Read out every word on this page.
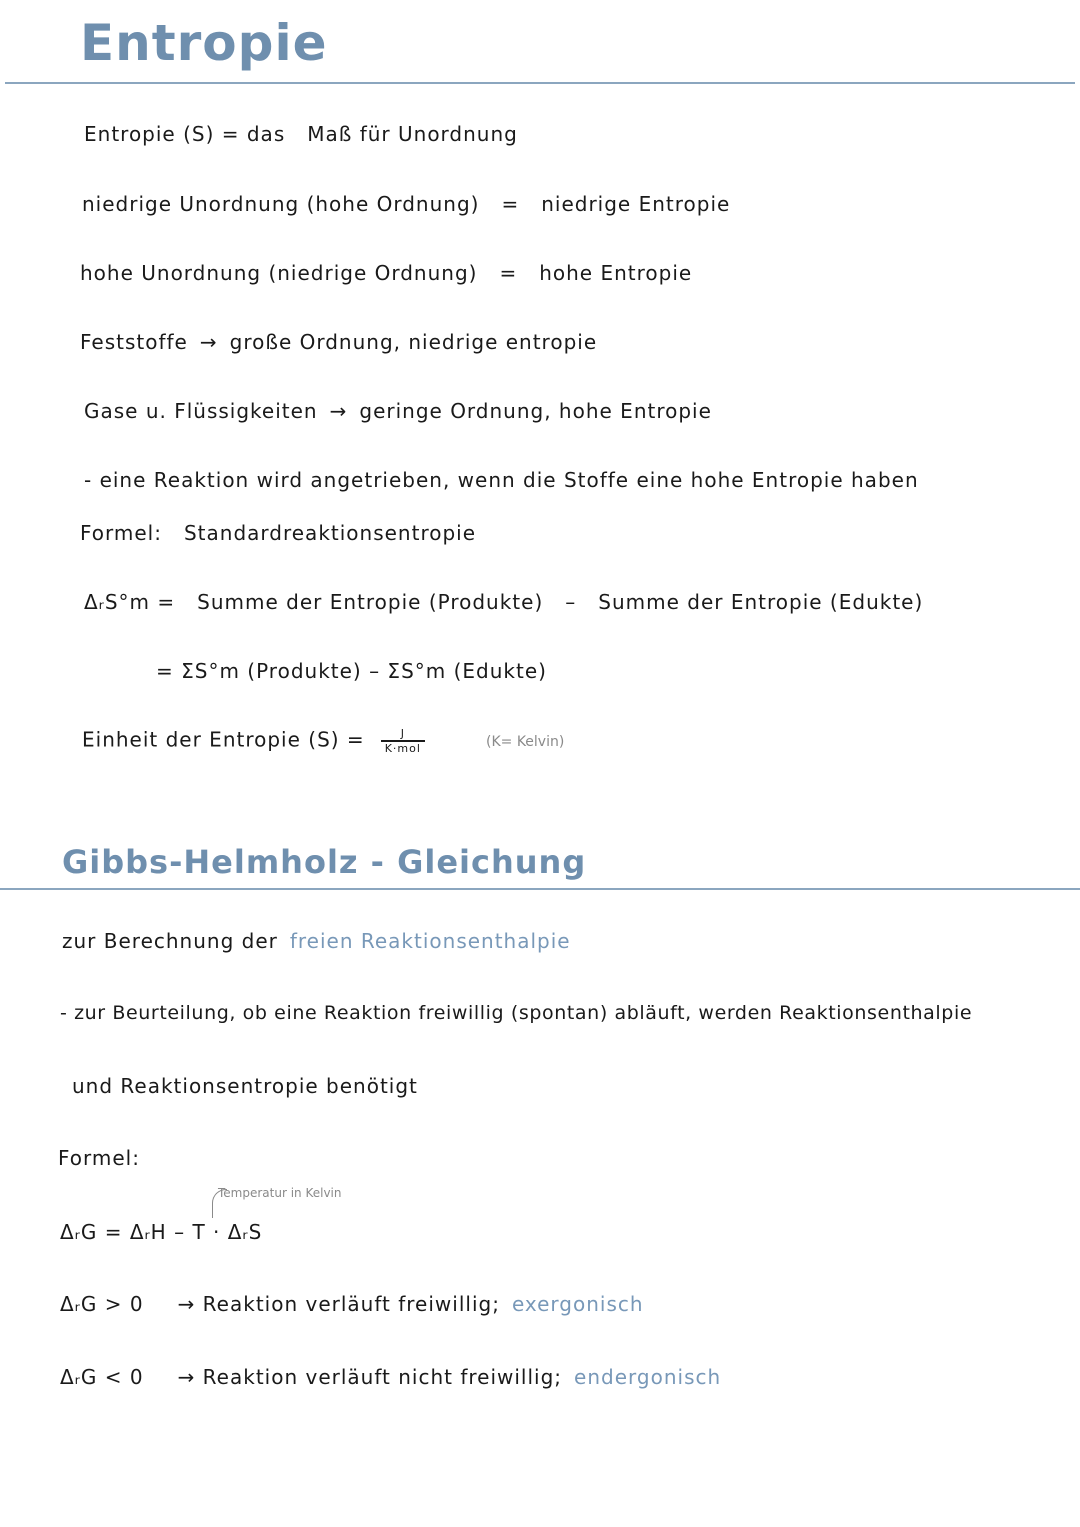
Entropie
Entropie (S) = das Maß für Unordnung
niedrige Unordnung (hohe Ordnung) = niedrige Entropie
hohe Unordnung (niedrige Ordnung) = hohe Entropie
Feststoffe → große Ordnung, niedrige entropie
Gase u. Flüssigkeiten → geringe Ordnung, hohe Entropie
- eine Reaktion wird angetrieben, wenn die Stoffe eine hohe Entropie haben
Formel: Standardreaktionsentropie
ΔᵣS°m = Summe der Entropie (Produkte) – Summe der Entropie (Edukte)
= ΣS°m (Produkte) – ΣS°m (Edukte)
Einheit der Entropie $(S) = \frac{J}{\text{K·mol}}$	(K= Kelvin)
Gibbs-Helmholz - Gleichung
zur Berechnung der freien Reaktionsenthalpie
- zur Beurteilung, ob eine Reaktion freiwillig (spontan) abläuft, werden Reaktionsenthalpie
und Reaktionsentropie benötigt
Formel:
Temperatur in Kelvin
ΔᵣG = ΔᵣH – T · ΔᵣS
ΔᵣG > 0 → Reaktion verläuft freiwillig; exergonisch
ΔᵣG < 0 → Reaktion verläuft nicht freiwillig; endergonisch
